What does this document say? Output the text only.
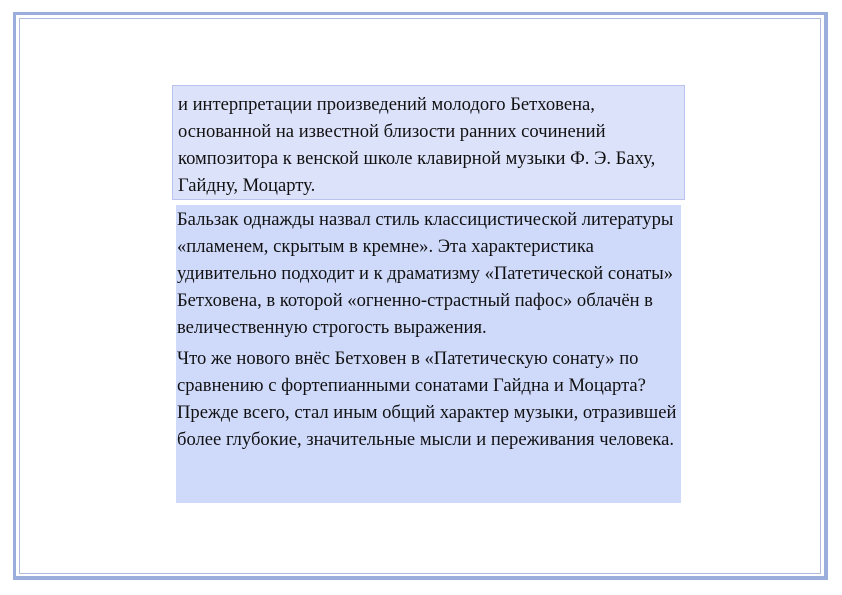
и интерпретации произведений молодого Бетховена, основанной на известной близости ранних сочинений композитора к венской школе клавирной музыки Ф. Э. Баху, Гайдну, Моцарту.

Бальзак однажды назвал стиль классицистической литературы «пламенем, скрытым в кремне». Эта характеристика удивительно подходит и к драматизму «Патетической сонаты» Бетховена, в которой «огненно-страстный пафос» облачён в величественную строгость выражения.

Что же нового внёс Бетховен в «Патетическую сонату» по сравнению с фортепианными сонатами Гайдна и Моцарта? Прежде всего, стал иным общий характер музыки, отразившей более глубокие, значительные мысли и переживания человека.
